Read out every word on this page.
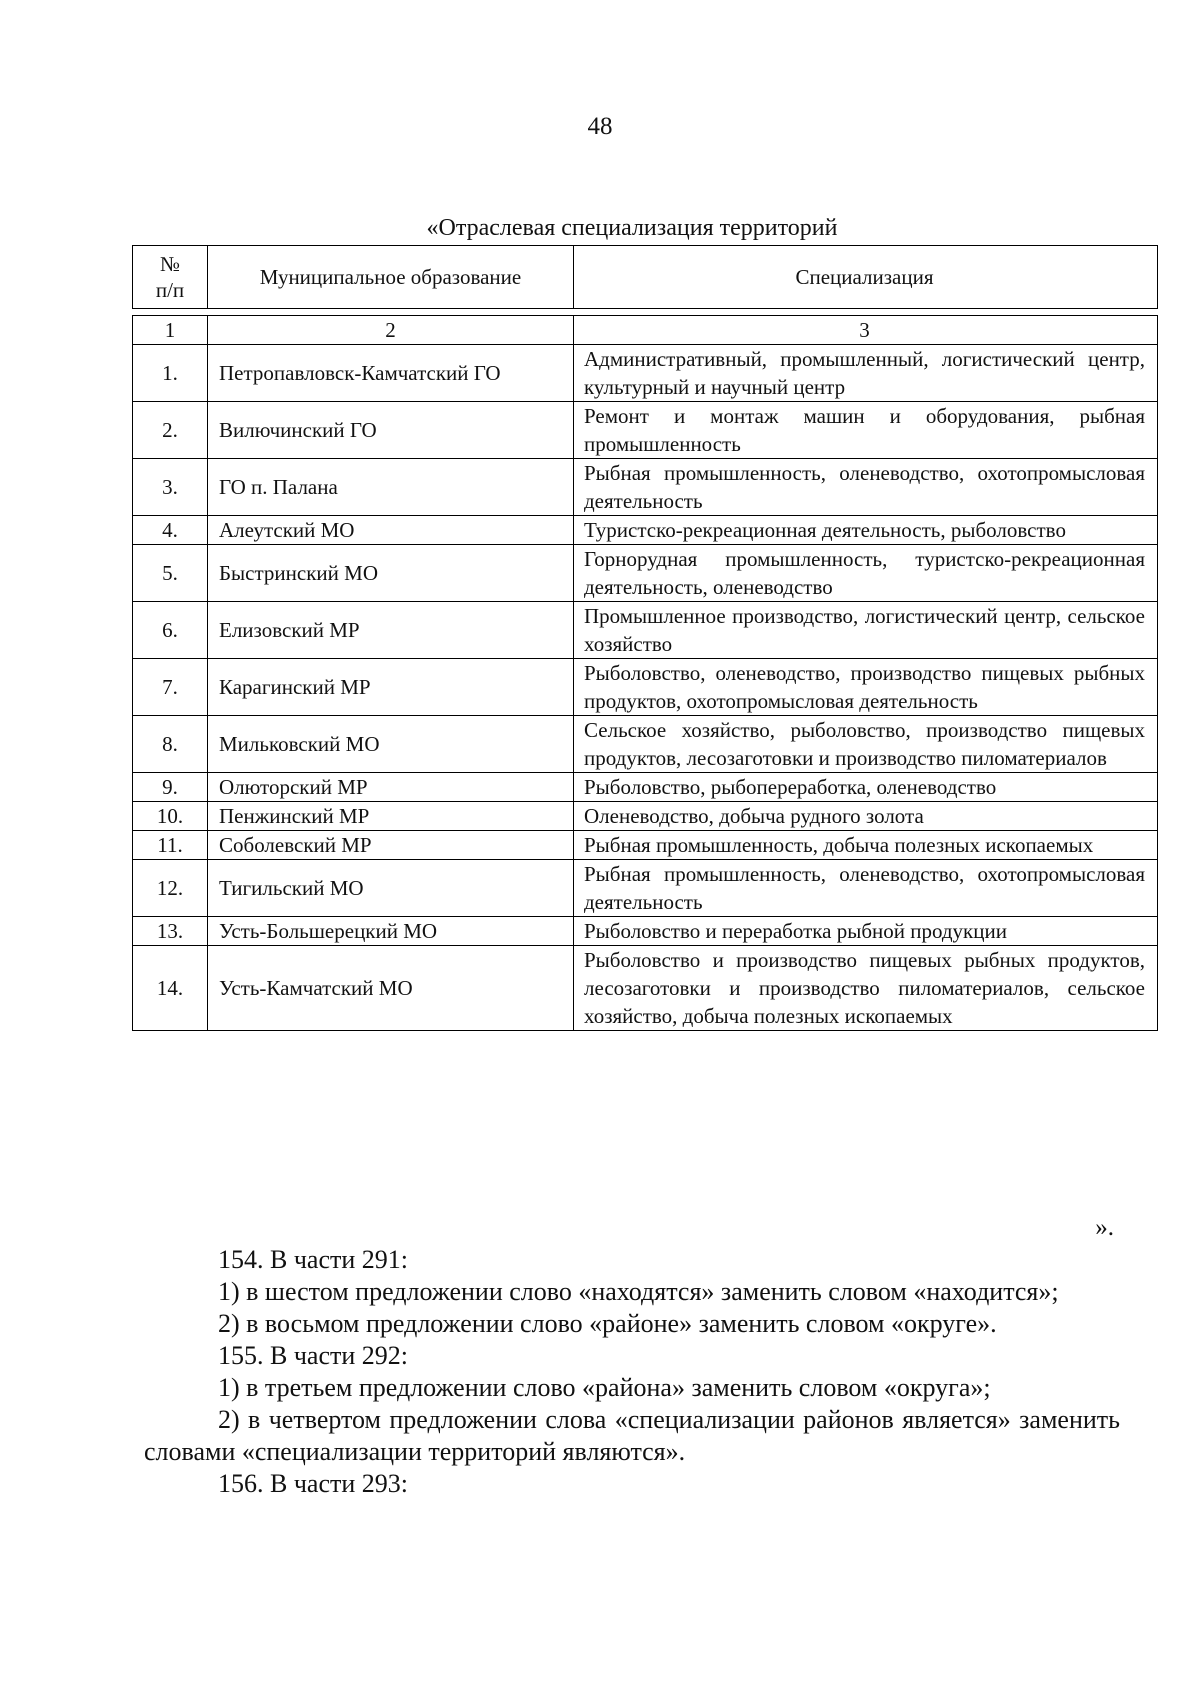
48
«Отраслевая специализация территорий
№
п/п	Муниципальное образование	Специализация
1	2	3
1.	Петропавловск-Камчатский ГО	Административный, промышленный, логистический центр, культурный и научный центр
2.	Вилючинский ГО	Ремонт и монтаж машин и оборудования, рыбная промышленность
3.	ГО п. Палана	Рыбная промышленность, оленеводство, охотопромысловая деятельность
4.	Алеутский МО	Туристско-рекреационная деятельность, рыболовство
5.	Быстринский МО	Горнорудная промышленность, туристско-рекреационная деятельность, оленеводство
6.	Елизовский МР	Промышленное производство, логистический центр, сельское хозяйство
7.	Карагинский МР	Рыболовство, оленеводство, производство пищевых рыбных продуктов, охотопромысловая деятельность
8.	Мильковский МО	Сельское хозяйство, рыболовство, производство пищевых продуктов, лесозаготовки и производство пиломатериалов
9.	Олюторский МР	Рыболовство, рыбопереработка, оленеводство
10.	Пенжинский МР	Оленеводство, добыча рудного золота
11.	Соболевский МР	Рыбная промышленность, добыча полезных ископаемых
12.	Тигильский МО	Рыбная промышленность, оленеводство, охотопромысловая деятельность
13.	Усть-Большерецкий МО	Рыболовство и переработка рыбной продукции
14.	Усть-Камчатский МО	Рыболовство и производство пищевых рыбных продуктов, лесозаготовки и производство пиломатериалов, сельское хозяйство, добыча полезных ископаемых
».

154. В части 291:

1) в шестом предложении слово «находятся» заменить словом «находится»;

2) в восьмом предложении слово «районе» заменить словом «округе».

155. В части 292:

1) в третьем предложении слово «района» заменить словом «округа»;

2) в четвертом предложении слова «специализации районов является» заменить словами «специализации территорий являются».

156. В части 293:
